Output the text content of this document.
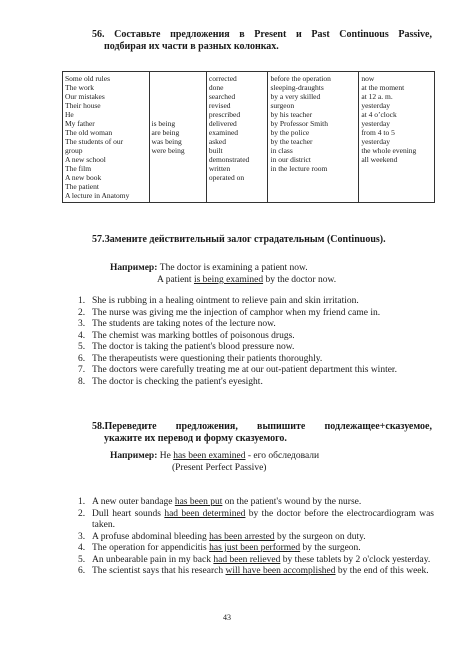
56. Составьте предложения в Present и Past Continuous Passive,
подбирая их части в разных колонках.
Some old rules
The work
Our mistakes
Their house
He
My father
The old woman
The students of our
group
A new school
The film
A new book
The patient
A lecture in Anatomy

is being
are being
was being
were being

corrected
done
searched
revised
prescribed
delivered
examined
asked
built
demonstrated
written
operated on

before the operation
sleeping-draughts
by a very skilled
surgeon
by his teacher
by Professor Smith
by the police
by the teacher
in class
in our district
in the lecture room

now
at the moment
at 12 a. m.
yesterday
at 4 o’clock
yesterday
from 4 to 5
yesterday
the whole evening
all weekend
57.Замените действительный залог страдательным (Continuous).
Например: The doctor is examining a patient now.
A patient is being examined by the doctor now.
1. She is rubbing in a healing ointment to relieve pain and skin irritation.
2. The nurse was giving me the injection of camphor when my friend came in.
3. The students are taking notes of the lecture now.
4. The chemist was marking bottles of poisonous drugs.
5. The doctor is taking the patient's blood pressure now.
6. The therapeutists were questioning their patients thoroughly.
7. The doctors were carefully treating me at our out-patient department this winter.
8. The doctor is checking the patient's eyesight.
58.Переведите предложения, выпишите подлежащее+сказуемое,
укажите их перевод и форму сказуемого.
Например: He has been examined - его обследовали
(Present Perfect Passive)
1. A new outer bandage has been put on the patient's wound by the nurse.
2. Dull heart sounds had been determined by the doctor before the electrocardiogram was taken.
3. A profuse abdominal bleeding has been arrested by the surgeon on duty.
4. The operation for appendicitis has just been performed by the surgeon.
5. An unbearable pain in my back had been relieved by these tablets by 2 o'clock yesterday.
6. The scientist says that his research will have been accomplished by the end of this week.
43
